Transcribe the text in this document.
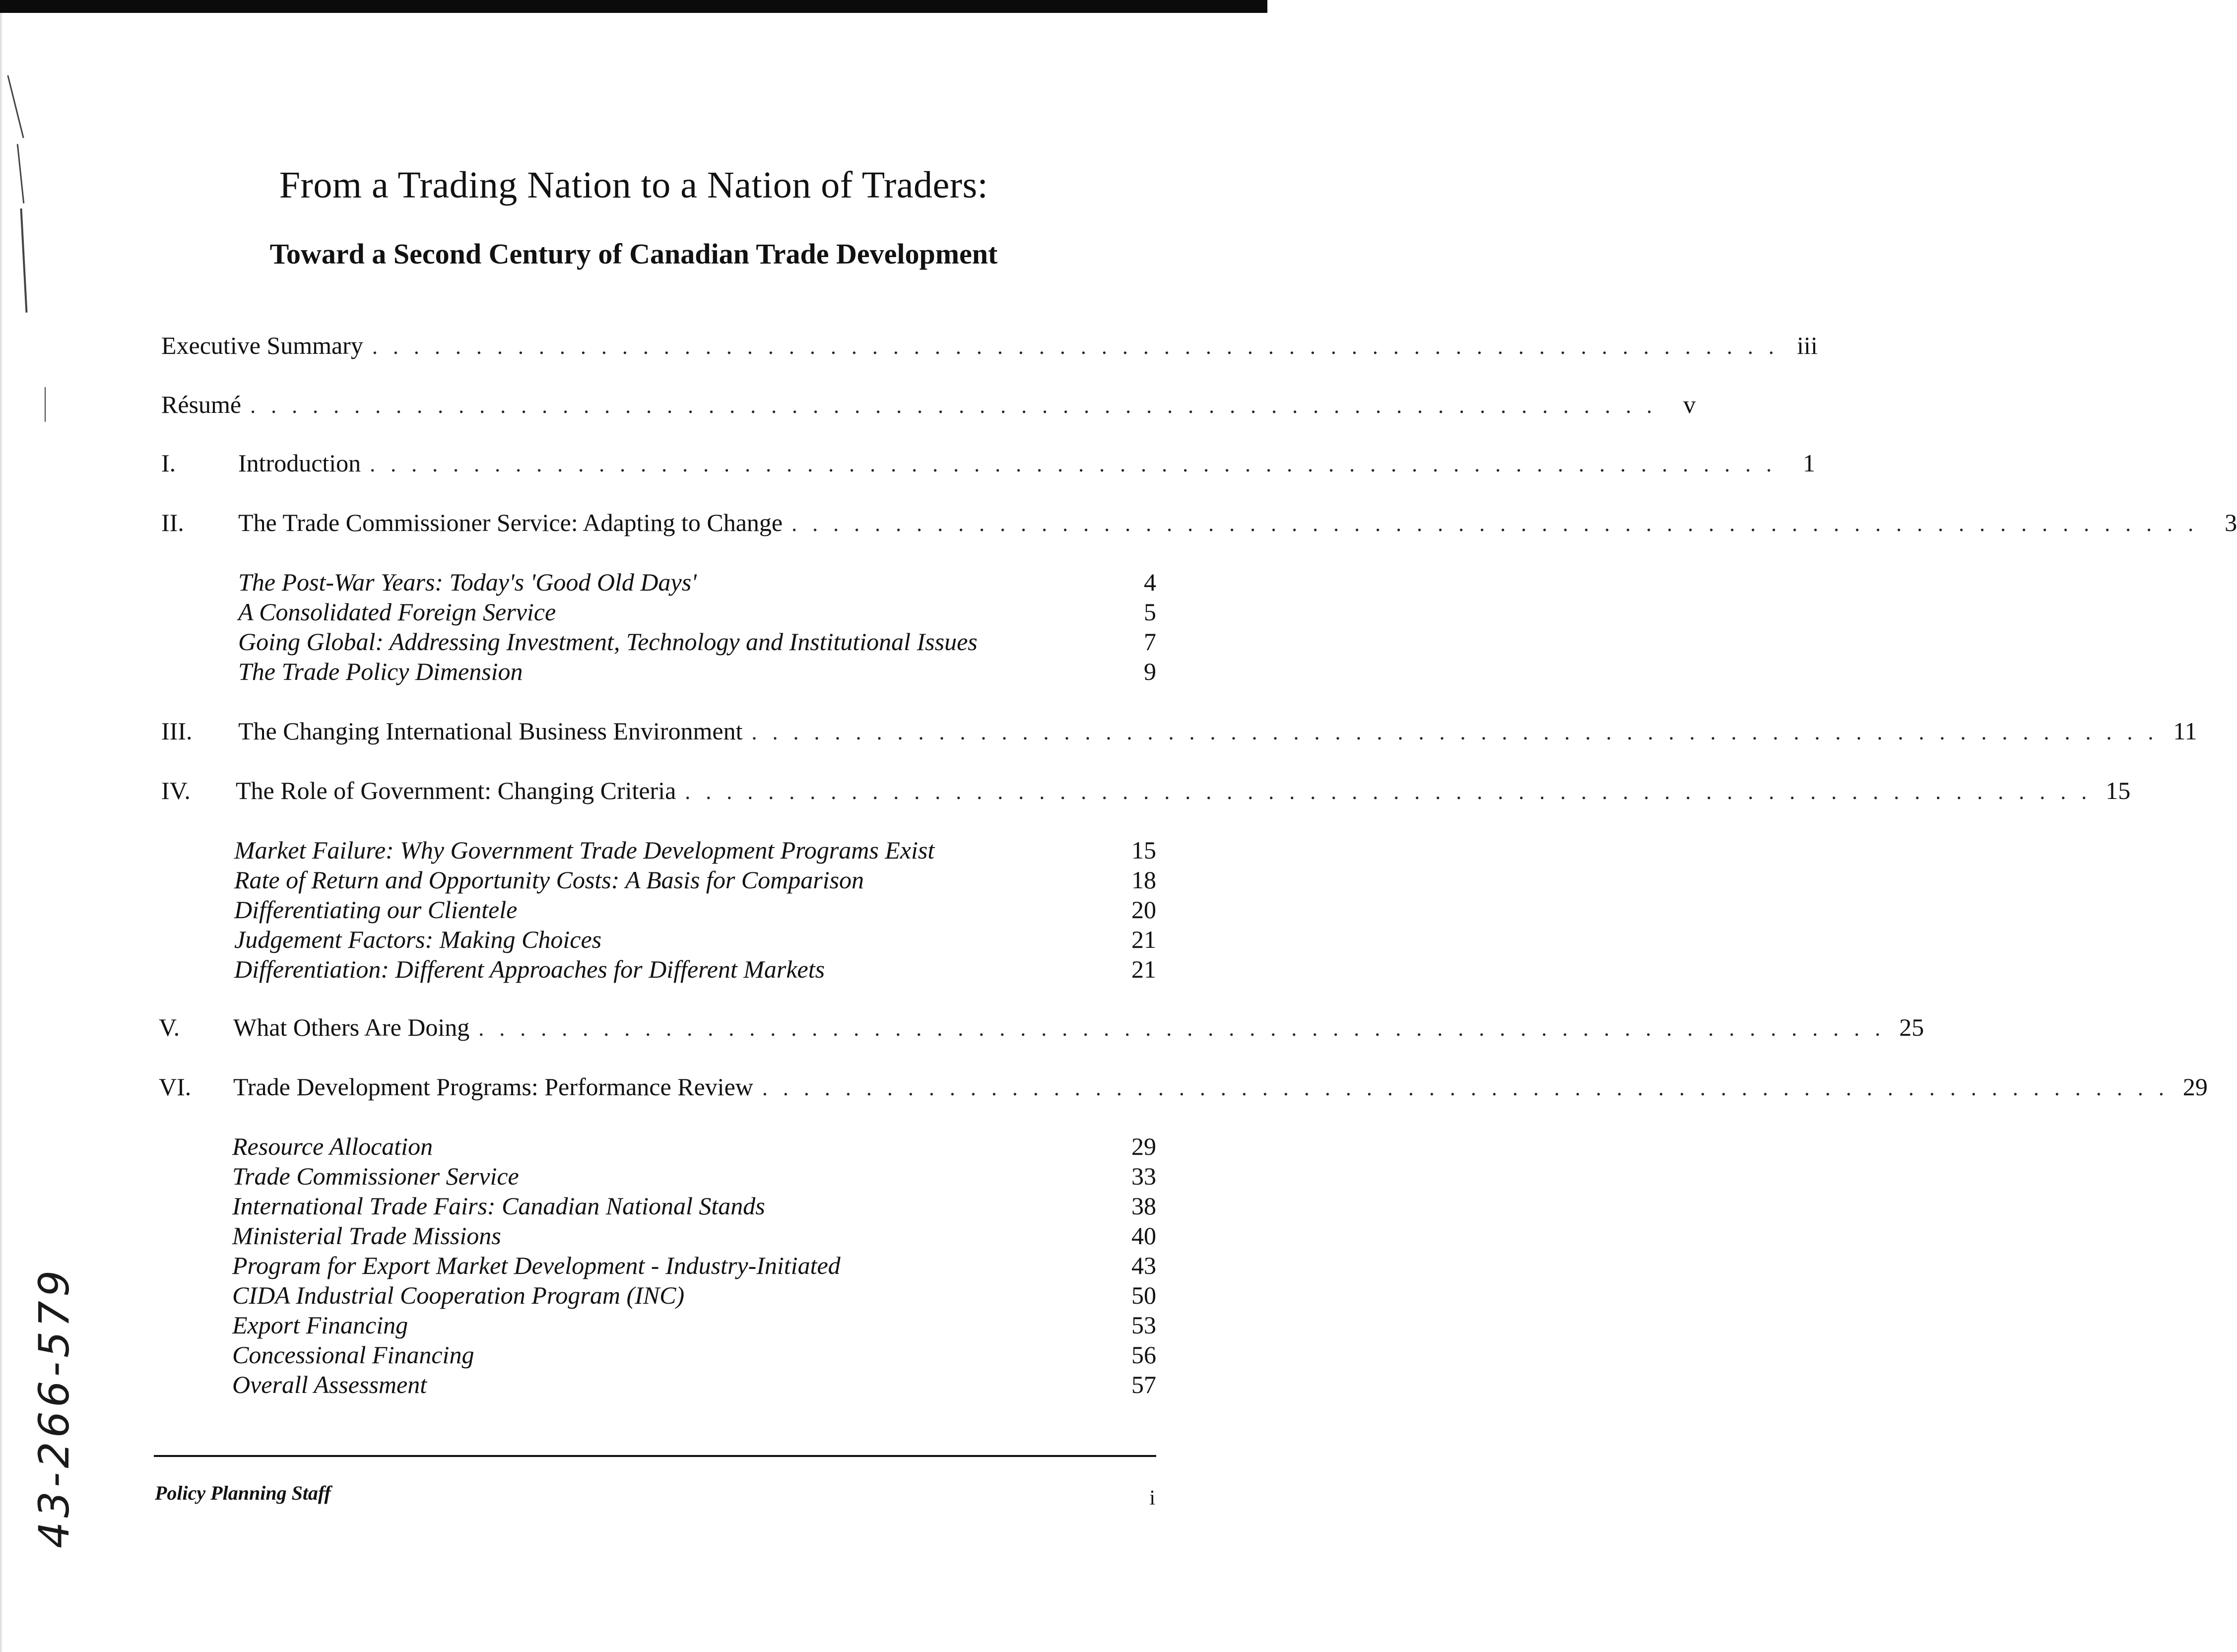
From a Trading Nation to a Nation of Traders:
Toward a Second Century of Canadian Trade Development
Executive Summary . . . . . . . . . . . . . . . . . . . . . . . . . . . . . . . . . . . . . . . . . . . . . . . . . . . . . . . . . . . . . . . . . . . . iii
Résumé . . . . . . . . . . . . . . . . . . . . . . . . . . . . . . . . . . . . . . . . . . . . . . . . . . . . . . . . . . . . . . . . . . . .	v
I.	Introduction . . . . . . . . . . . . . . . . . . . . . . . . . . . . . . . . . . . . . . . . . . . . . . . . . . . . . . . . . . . . . . . . . . . .	1
II. The Trade Commissioner Service: Adapting to Change . . . . . . . . . . . . . . . . . . . . . . . . . . . . . . . . . . . . . . . . . . . . . . . . . . . . . . . . . . . . . . . . . . . .	3
The Post-War Years: Today's 'Good Old Days'	4
A Consolidated Foreign Service	5
Going Global: Addressing Investment, Technology and Institutional Issues	7
The Trade Policy Dimension	9
III. The Changing International Business Environment . . . . . . . . . . . . . . . . . . . . . . . . . . . . . . . . . . . . . . . . . . . . . . . . . . . . . . . . . . . . . . . . . . . . 11
IV. The Role of Government: Changing Criteria . . . . . . . . . . . . . . . . . . . . . . . . . . . . . . . . . . . . . . . . . . . . . . . . . . . . . . . . . . . . . . . . . . . . 15
Market Failure: Why Government Trade Development Programs Exist	15
Rate of Return and Opportunity Costs: A Basis for Comparison	18
Differentiating our Clientele	20
Judgement Factors: Making Choices	21
Differentiation: Different Approaches for Different Markets	21
V. What Others Are Doing . . . . . . . . . . . . . . . . . . . . . . . . . . . . . . . . . . . . . . . . . . . . . . . . . . . . . . . . . . . . . . . . . . . . 25
VI. Trade Development Programs: Performance Review . . . . . . . . . . . . . . . . . . . . . . . . . . . . . . . . . . . . . . . . . . . . . . . . . . . . . . . . . . . . . . . . . . . . 29
Resource Allocation	29
Trade Commissioner Service	33
International Trade Fairs: Canadian National Stands	38
Ministerial Trade Missions	40
Program for Export Market Development - Industry-Initiated	43
CIDA Industrial Cooperation Program (INC)	50
Export Financing	53
Concessional Financing	56
Overall Assessment	57
Policy Planning Staff	i
43-266-579
